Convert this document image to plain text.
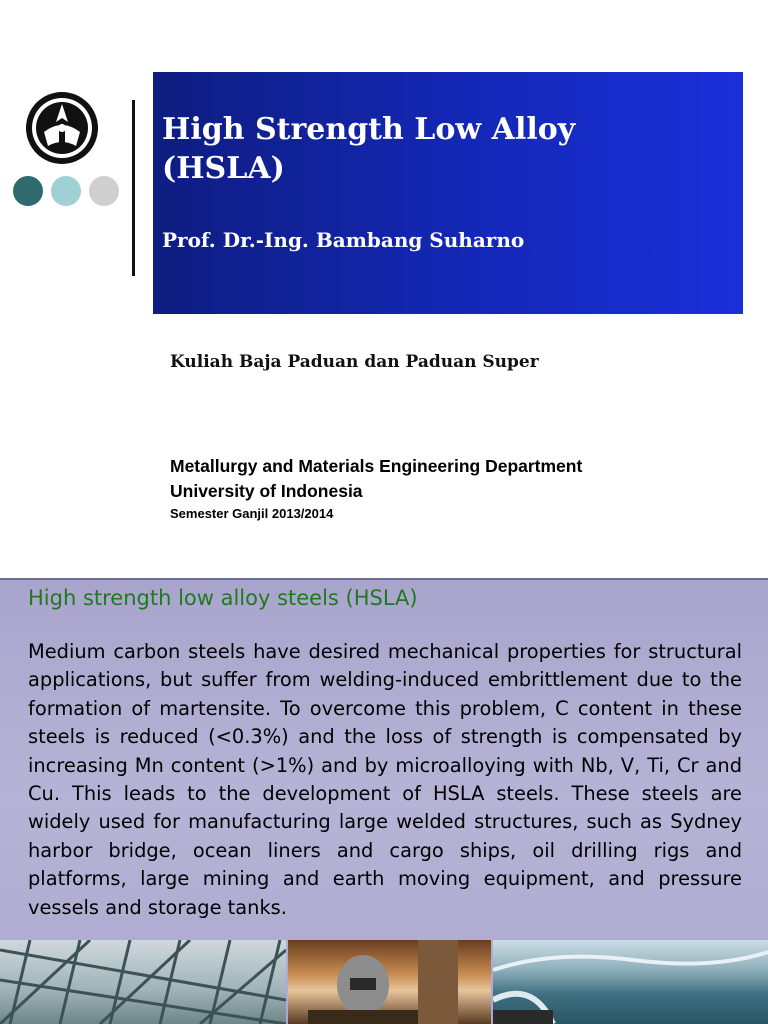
High Strength Low Alloy
(HSLA)
Prof. Dr.-Ing. Bambang Suharno
Kuliah Baja Paduan dan Paduan Super
Metallurgy and Materials Engineering Department
University of Indonesia
Semester Ganjil 2013/2014
High strength low alloy steels (HSLA)

Medium carbon steels have desired mechanical properties for structural applications, but suffer from welding-induced embrittlement due to the formation of martensite. To overcome this problem, C content in these steels is reduced (<0.3%) and the loss of strength is compensated by increasing Mn content (>1%) and by microalloying with Nb, V, Ti, Cr and Cu. This leads to the development of HSLA steels. These steels are widely used for manufacturing large welded structures, such as Sydney harbor bridge, ocean liners and cargo ships, oil drilling rigs and platforms, large mining and earth moving equipment, and pressure vessels and storage tanks.
